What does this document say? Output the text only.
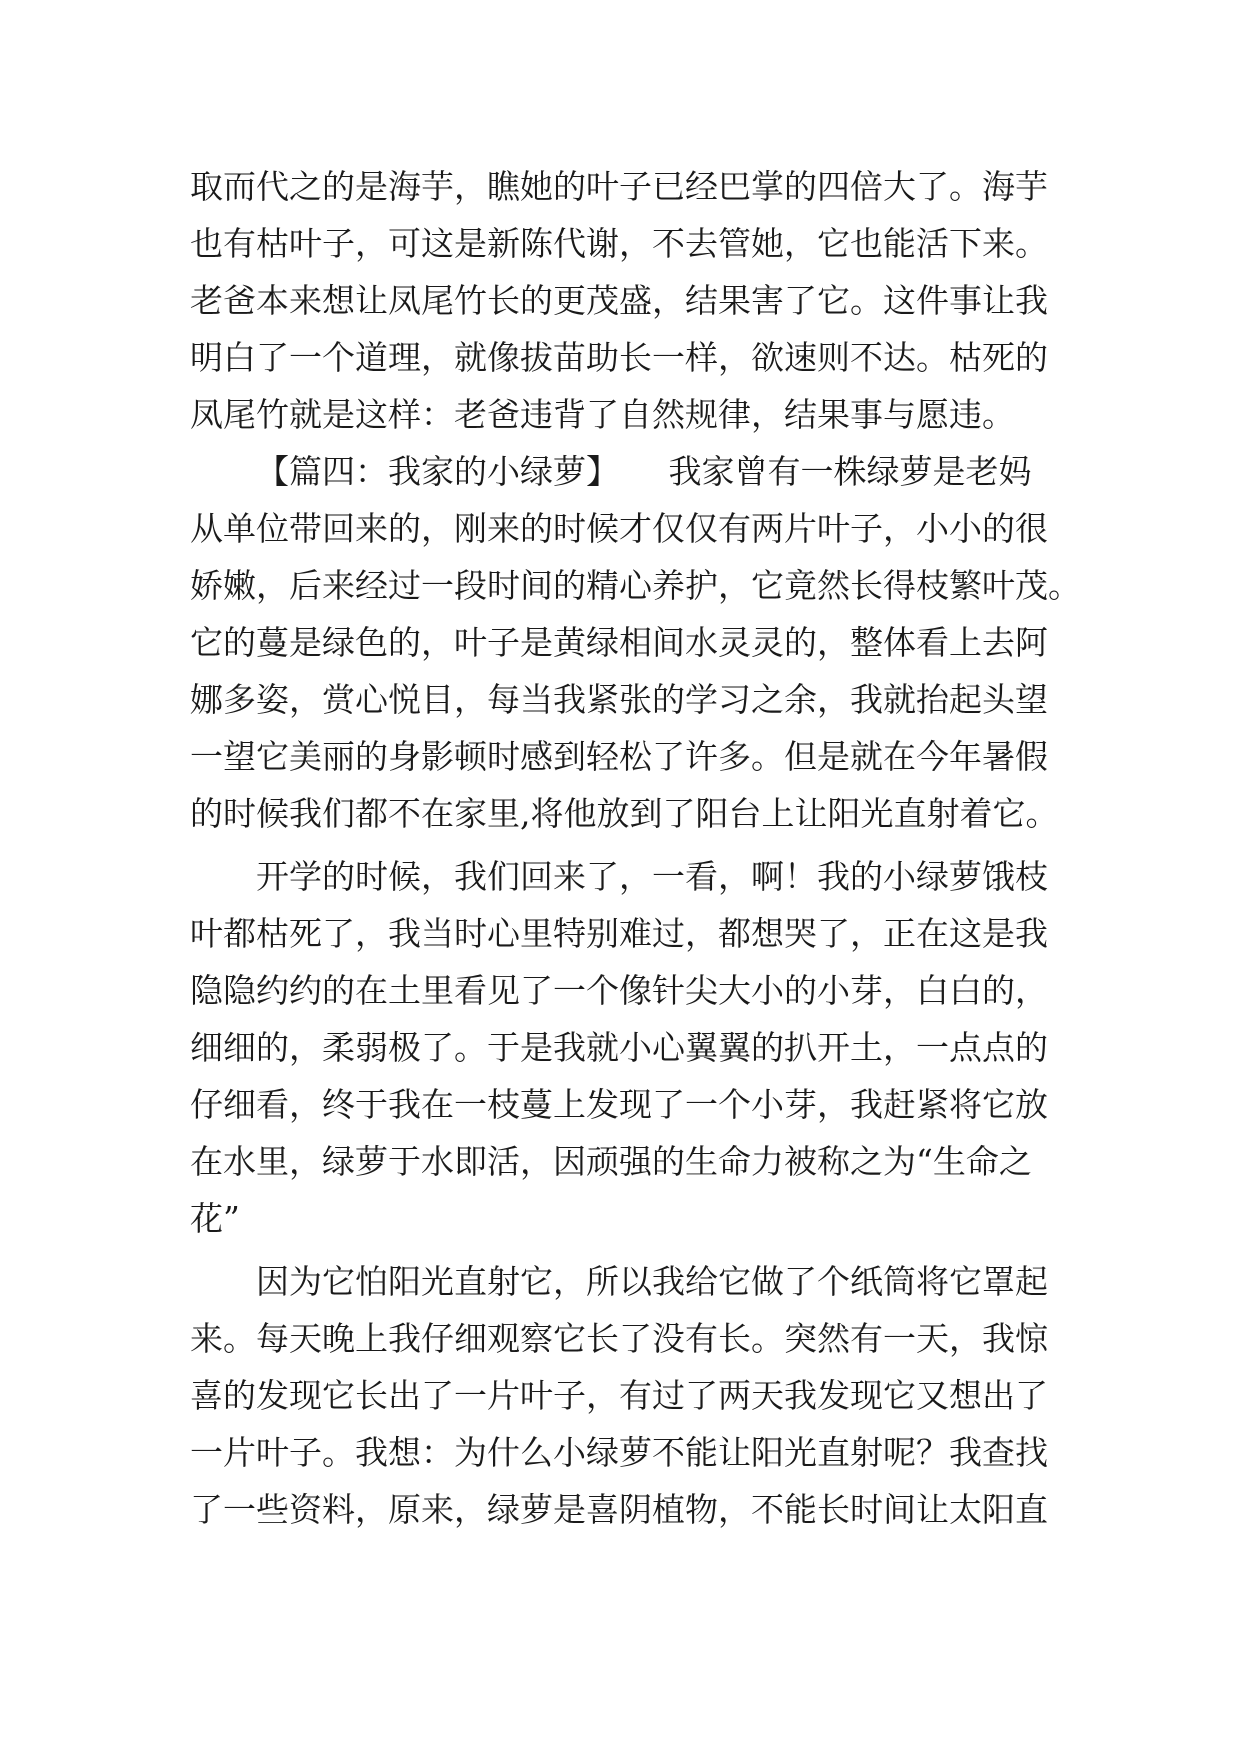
取而代之的是海芋，瞧她的叶子已经巴掌的四倍大了。海芋
也有枯叶子，可这是新陈代谢，不去管她，它也能活下来。
老爸本来想让凤尾竹长的更茂盛，结果害了它。这件事让我
明白了一个道理，就像拔苗助长一样，欲速则不达。枯死的
凤尾竹就是这样：老爸违背了自然规律，结果事与愿违。
【篇四：我家的小绿萝】　　我家曾有一株绿萝是老妈
从单位带回来的，刚来的时候才仅仅有两片叶子，小小的很
娇嫩，后来经过一段时间的精心养护，它竟然长得枝繁叶茂。
它的蔓是绿色的，叶子是黄绿相间水灵灵的，整体看上去阿
娜多姿，赏心悦目，每当我紧张的学习之余，我就抬起头望
一望它美丽的身影顿时感到轻松了许多。但是就在今年暑假
的时候我们都不在家里,将他放到了阳台上让阳光直射着它。
开学的时候，我们回来了，一看，啊！我的小绿萝饿枝
叶都枯死了，我当时心里特别难过，都想哭了，正在这是我
隐隐约约的在土里看见了一个像针尖大小的小芽，白白的，
细细的，柔弱极了。于是我就小心翼翼的扒开土，一点点的
仔细看，终于我在一枝蔓上发现了一个小芽，我赶紧将它放
在水里，绿萝于水即活，因顽强的生命力被称之为“生命之
花”
因为它怕阳光直射它，所以我给它做了个纸筒将它罩起
来。每天晚上我仔细观察它长了没有长。突然有一天，我惊
喜的发现它长出了一片叶子，有过了两天我发现它又想出了
一片叶子。我想：为什么小绿萝不能让阳光直射呢？我查找
了一些资料，原来，绿萝是喜阴植物，不能长时间让太阳直
